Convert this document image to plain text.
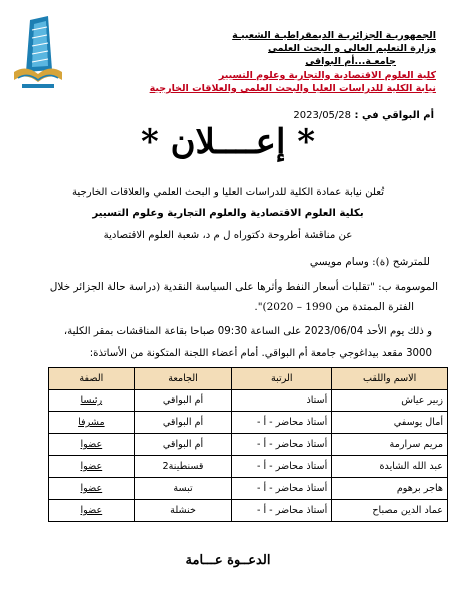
الجمهوريـة الجزائريـة الديمقراطيـة الشعبيـة
وزارة التعليم العالي و البحث العلمي
جامعـة...أم البواقي
كلية العلوم الاقتصادية والتجارية وعلوم التسيير
نيابة الكلية للدراسات العليا والبحث العلمي والعلاقات الخارجية
أم البواقي في : 2023/05/28
* إعــــلان *
تُعلن نيابة عمادة الكلية للدراسات العليا و البحث العلمي والعلاقات الخارجية
بكلية العلوم الاقتصادية والعلوم التجارية وعلوم التسيير
عن مناقشة أطروحة دكتوراه ل م د، شعبة العلوم الاقتصادية
للمترشح (ة): وسام مويسي
الموسومة ب: "تقلبات أسعار النفط وأثرها على السياسة النقدية (دراسة حالة الجزائر خلال
الفترة الممتدة من 1990 – 2020)".
و ذلك يوم الأحد 2023/06/04 على الساعة 09:30 صباحا بقاعة المناقشات بمقر الكلية،
3000 مقعد بيداغوجي جامعة أم البواقي. أمام أعضاء اللجنة المتكونة من الأساتذة:
الاسم واللقب	الرتبة	الجامعة	الصفة
زبير عياش	أستاذ	أم البواقي	رئيسا
أمال يوسفي	أستاذ محاضر - أ -	أم البواقي	مشرفا
مريم سرارمة	أستاذ محاضر - أ -	أم البواقي	عضوا
عبد الله الشايدة	أستاذ محاضر - أ -	قسنطينة2	عضوا
هاجر برهوم	أستاذ محاضر - أ -	تبسة	عضوا
عماد الدين مصباح	أستاذ محاضر - أ -	خنشلة	عضوا
الدعــوة عـــامة
